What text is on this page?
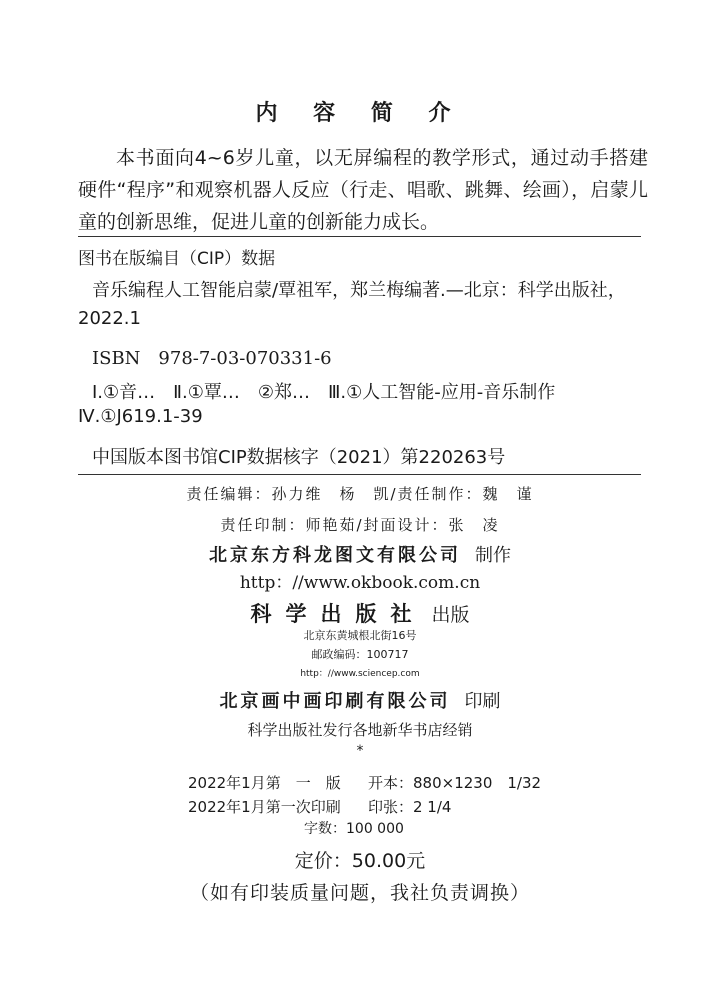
内 容 简 介
本书面向4~6岁儿童，以无屏编程的教学形式，通过动手搭建硬件“程序”和观察机器人反应（行走、唱歌、跳舞、绘画），启蒙儿童的创新思维，促进儿童的创新能力成长。
图书在版编目（CIP）数据
音乐编程人工智能启蒙/覃祖军，郑兰梅编著.—北京：科学出版社，
2022.1
ISBN　978-7-03-070331-6
Ⅰ.①音…　Ⅱ.①覃…　②郑…　Ⅲ.①人工智能-应用-音乐制作
Ⅳ.①J619.1-39
中国版本图书馆CIP数据核字（2021）第220263号
责任编辑：孙力维　杨　凯/责任制作：魏　谨
责任印制：师艳茹/封面设计：张　凌
北京东方科龙图文有限公司 制作
http：//www.okbook.com.cn
科学出版社 出版
北京东黄城根北街16号
邮政编码：100717
http：//www.sciencep.com
北京画中画印刷有限公司 印刷
科学出版社发行各地新华书店经销
*
2022年1月第　一　版 开本：880×1230　1/32
2022年1月第一次印刷 印张：2 1/4
字数：100 000
定价：50.00元
（如有印装质量问题，我社负责调换）
